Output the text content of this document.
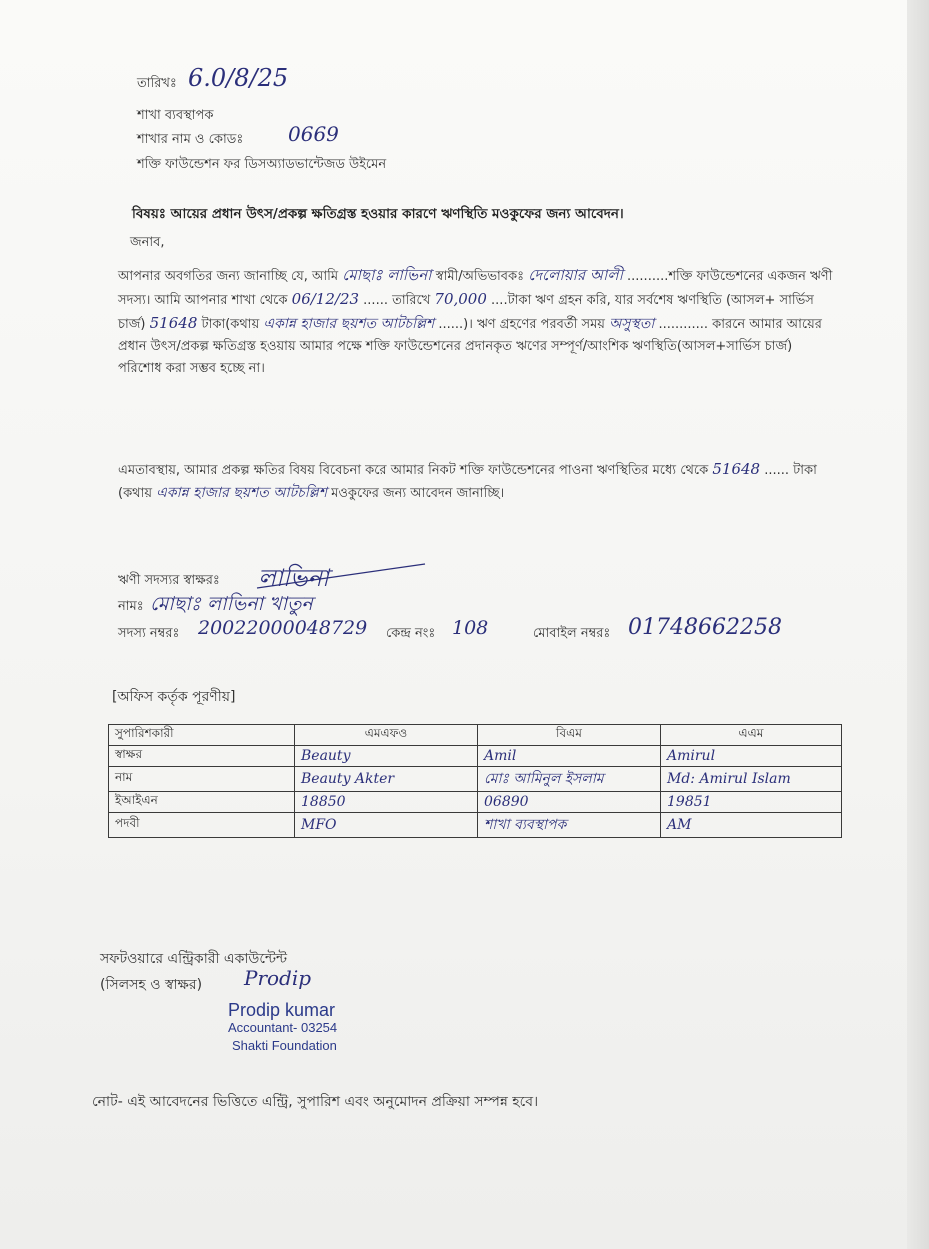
তারিখঃ 6.0/8/25
শাখা ব্যবস্থাপক
শাখার নাম ও কোডঃ 0669
শক্তি ফাউন্ডেশন ফর ডিসঅ্যাডভান্টেজড উইমেন
বিষয়ঃ আয়ের প্রধান উৎস/প্রকল্প ক্ষতিগ্রস্ত হওয়ার কারণে ঋণস্থিতি মওকুফের জন্য আবেদন।
জনাব,
আপনার অবগতির জন্য জানাচ্ছি যে, আমি মোছাঃ লাভিনা স্বামী/অভিভাবকঃ দেলোয়ার আলী ..........শক্তি ফাউন্ডেশনের একজন ঋণী সদস্য। আমি আপনার শাখা থেকে 06/12/23 ...... তারিখে 70,000 ....টাকা ঋণ গ্রহন করি, যার সর্বশেষ ঋণস্থিতি (আসল+ সার্ভিস চার্জ) 51648 টাকা(কথায় একান্ন হাজার ছয়শত আটচল্লিশ ......)। ঋণ গ্রহণের পরবর্তী সময় অসুস্থতা ............ কারনে আমার আয়ের প্রধান উৎস/প্রকল্প ক্ষতিগ্রস্ত হওয়ায় আমার পক্ষে শক্তি ফাউন্ডেশনের প্রদানকৃত ঋণের সম্পূর্ণ/আংশিক ঋণস্থিতি(আসল+সার্ভিস চার্জ) পরিশোধ করা সম্ভব হচ্ছে না।
এমতাবস্থায়, আমার প্রকল্প ক্ষতির বিষয় বিবেচনা করে আমার নিকট শক্তি ফাউন্ডেশনের পাওনা ঋণস্থিতির মধ্যে থেকে 51648 ...... টাকা (কথায় একান্ন হাজার ছয়শত আটচল্লিশ মওকুফের জন্য আবেদন জানাচ্ছি।
ঋণী সদস্যর স্বাক্ষরঃ লাভিনা
নামঃ মোছাঃ লাভিনা খাতুন
সদস্য নম্বরঃ 20022000048729 কেন্দ্র নংঃ 108	মোবাইল নম্বরঃ 01748662258
[অফিস কর্তৃক পূরণীয়]
সুপারিশকারী	এমএফও	বিএম	এএম
স্বাক্ষর	Beauty	Amil	Amirul
নাম	Beauty Akter	মোঃ আমিনুল ইসলাম	Md: Amirul Islam
ইআইএন	18850	06890	19851
পদবী	MFO	শাখা ব্যবস্থাপক	AM
সফটওয়ারে এন্ট্রিকারী একাউন্টেন্ট
(সিলসহ ও স্বাক্ষর) Prodip
Prodip kumar
Accountant- 03254
Shakti Foundation
নোট- এই আবেদনের ভিত্তিতে এন্ট্রি, সুপারিশ এবং অনুমোদন প্রক্রিয়া সম্পন্ন হবে।
